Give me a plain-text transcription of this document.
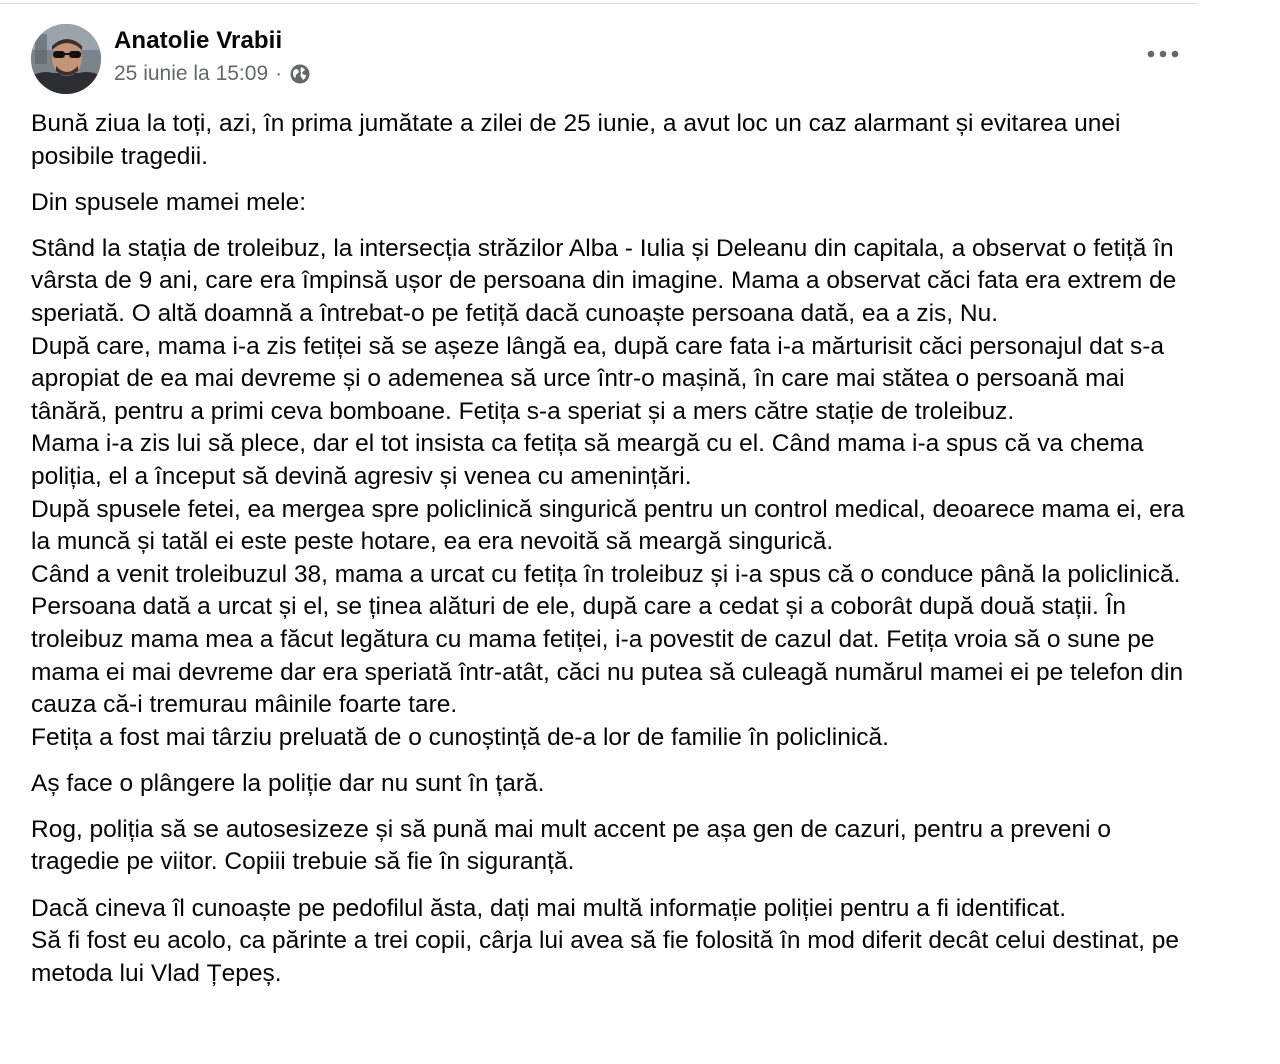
Anatolie Vrabii
25 iunie la 15:09 ·

Bună ziua la toți, azi, în prima jumătate a zilei de 25 iunie, a avut loc un caz alarmant și evitarea unei posibile tragedii.

Din spusele mamei mele:

Stând la stația de troleibuz, la intersecția străzilor Alba - Iulia și Deleanu din capitala, a observat o fetiță în vârsta de 9 ani, care era împinsă ușor de persoana din imagine. Mama a observat căci fata era extrem de speriată. O altă doamnă a întrebat-o pe fetiță dacă cunoaște persoana dată, ea a zis, Nu.
După care, mama i-a zis fetiței să se așeze lângă ea, după care fata i-a mărturisit căci personajul dat s-a apropiat de ea mai devreme și o ademenea să urce într-o mașină, în care mai stătea o persoană mai tânără, pentru a primi ceva bomboane. Fetița s-a speriat și a mers către stație de troleibuz.
Mama i-a zis lui să plece, dar el tot insista ca fetița să meargă cu el. Când mama i-a spus că va chema poliția, el a început să devină agresiv și venea cu amenințări.
După spusele fetei, ea mergea spre policlinică singurică pentru un control medical, deoarece mama ei, era la muncă și tatăl ei este peste hotare, ea era nevoită să meargă singurică.
Când a venit troleibuzul 38, mama a urcat cu fetița în troleibuz și i-a spus că o conduce până la policlinică. Persoana dată a urcat și el, se ținea alături de ele, după care a cedat și a coborât după două stații. În troleibuz mama mea a făcut legătura cu mama fetiței, i-a povestit de cazul dat. Fetița vroia să o sune pe mama ei mai devreme dar era speriată într-atât, căci nu putea să culeagă numărul mamei ei pe telefon din cauza că-i tremurau mâinile foarte tare.
Fetița a fost mai târziu preluată de o cunoștință de-a lor de familie în policlinică.

Aș face o plângere la poliție dar nu sunt în țară.

Rog, poliția să se autosesizeze și să pună mai mult accent pe așa gen de cazuri, pentru a preveni o tragedie pe viitor. Copiii trebuie să fie în siguranță.

Dacă cineva îl cunoaște pe pedofilul ăsta, dați mai multă informație poliției pentru a fi identificat.
Să fi fost eu acolo, ca părinte a trei copii, cârja lui avea să fie folosită în mod diferit decât celui destinat, pe metoda lui Vlad Țepeș.
